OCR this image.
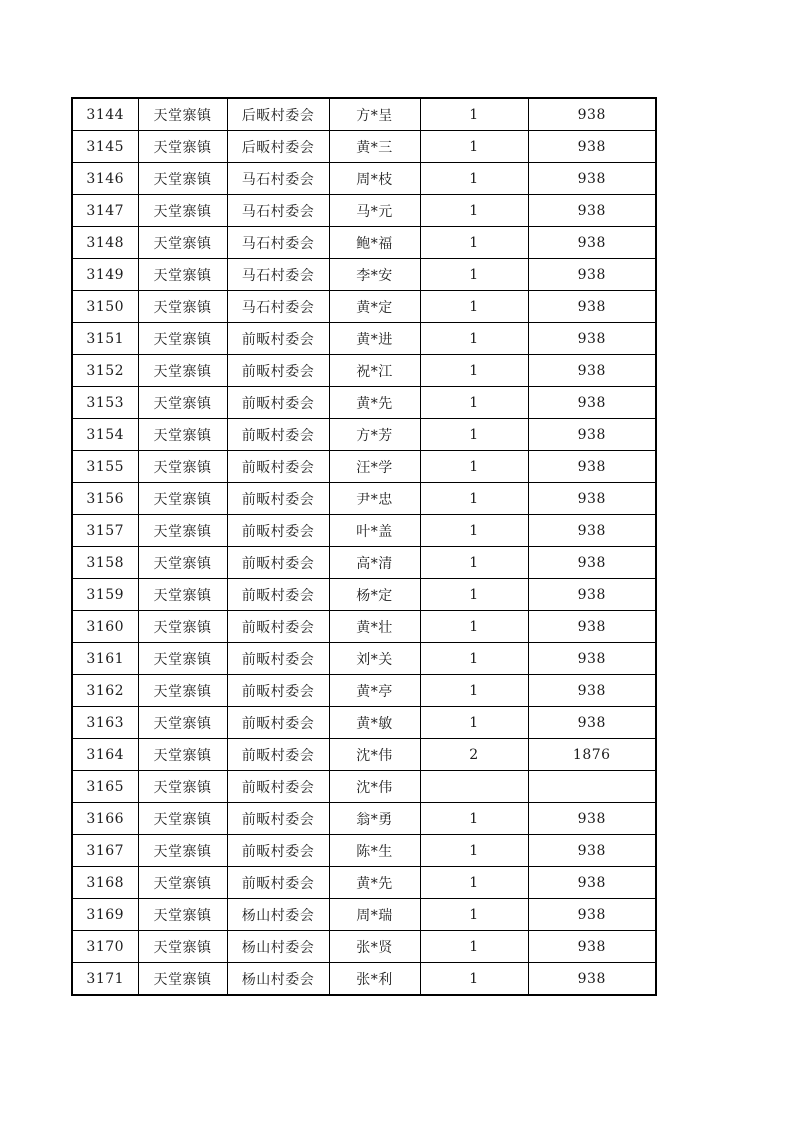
3144	天堂寨镇	后畈村委会	方*呈	1	938
3145	天堂寨镇	后畈村委会	黄*三	1	938
3146	天堂寨镇	马石村委会	周*枝	1	938
3147	天堂寨镇	马石村委会	马*元	1	938
3148	天堂寨镇	马石村委会	鲍*福	1	938
3149	天堂寨镇	马石村委会	李*安	1	938
3150	天堂寨镇	马石村委会	黄*定	1	938
3151	天堂寨镇	前畈村委会	黄*进	1	938
3152	天堂寨镇	前畈村委会	祝*江	1	938
3153	天堂寨镇	前畈村委会	黄*先	1	938
3154	天堂寨镇	前畈村委会	方*芳	1	938
3155	天堂寨镇	前畈村委会	汪*学	1	938
3156	天堂寨镇	前畈村委会	尹*忠	1	938
3157	天堂寨镇	前畈村委会	叶*盖	1	938
3158	天堂寨镇	前畈村委会	高*清	1	938
3159	天堂寨镇	前畈村委会	杨*定	1	938
3160	天堂寨镇	前畈村委会	黄*壮	1	938
3161	天堂寨镇	前畈村委会	刘*关	1	938
3162	天堂寨镇	前畈村委会	黄*亭	1	938
3163	天堂寨镇	前畈村委会	黄*敏	1	938
3164	天堂寨镇	前畈村委会	沈*伟	2	1876
3165	天堂寨镇	前畈村委会	沈*伟		
3166	天堂寨镇	前畈村委会	翁*勇	1	938
3167	天堂寨镇	前畈村委会	陈*生	1	938
3168	天堂寨镇	前畈村委会	黄*先	1	938
3169	天堂寨镇	杨山村委会	周*瑞	1	938
3170	天堂寨镇	杨山村委会	张*贤	1	938
3171	天堂寨镇	杨山村委会	张*利	1	938
